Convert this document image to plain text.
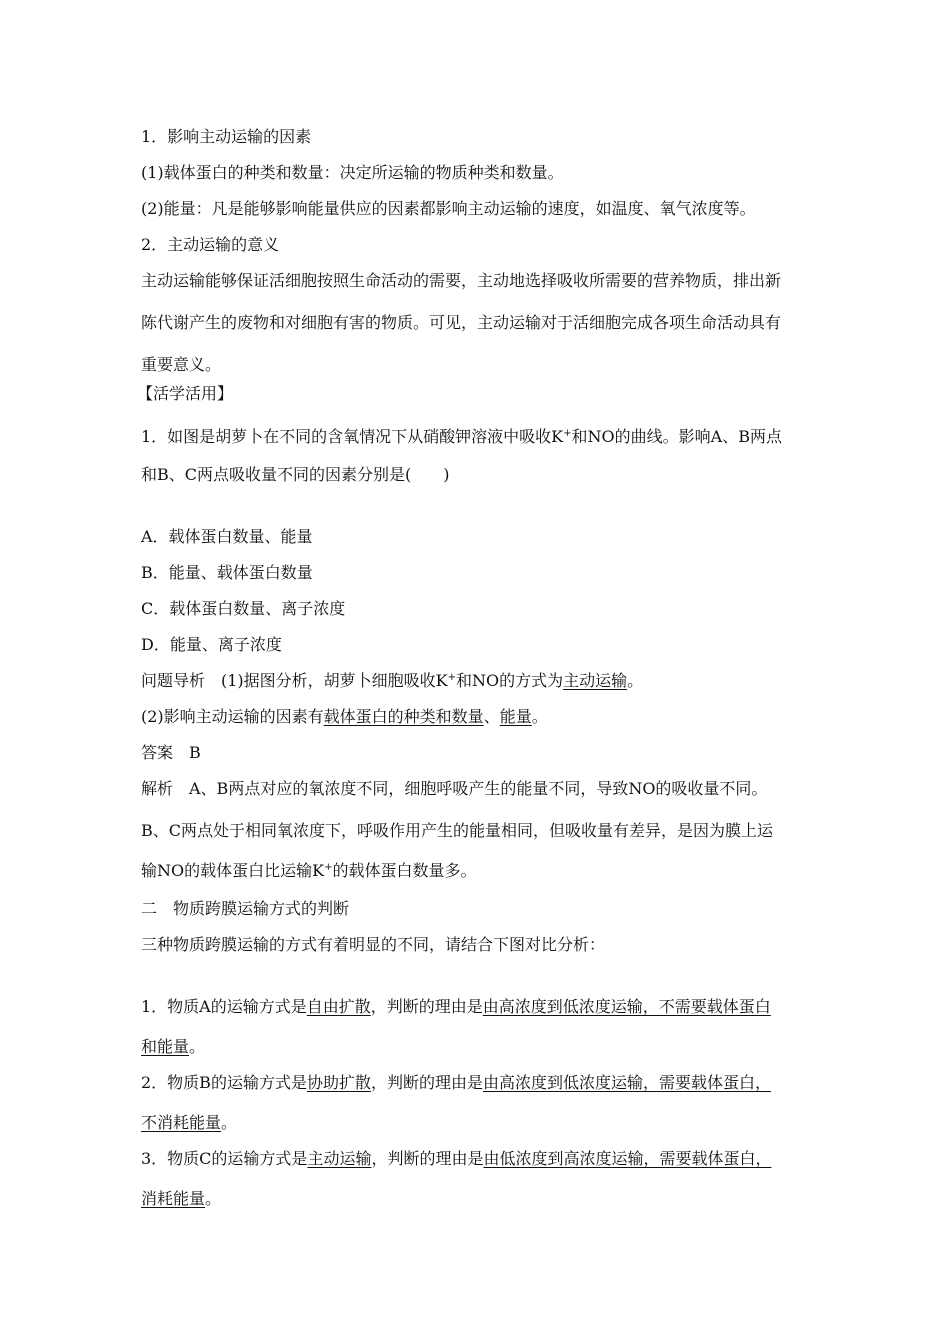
1．影响主动运输的因素
(1)载体蛋白的种类和数量：决定所运输的物质种类和数量。
(2)能量：凡是能够影响能量供应的因素都影响主动运输的速度，如温度、氧气浓度等。
2．主动运输的意义
主动运输能够保证活细胞按照生命活动的需要，主动地选择吸收所需要的营养物质，排出新
陈代谢产生的废物和对细胞有害的物质。可见，主动运输对于活细胞完成各项生命活动具有
重要意义。
【活学活用】
1．如图是胡萝卜在不同的含氧情况下从硝酸钾溶液中吸收K+和NO的曲线。影响A、B两点
和B、C两点吸收量不同的因素分别是(　　)
A．载体蛋白数量、能量
B．能量、载体蛋白数量
C．载体蛋白数量、离子浓度
D．能量、离子浓度
问题导析　(1)据图分析，胡萝卜细胞吸收K+和NO的方式为主动运输。
(2)影响主动运输的因素有载体蛋白的种类和数量、能量。
答案　B
解析　A、B两点对应的氧浓度不同，细胞呼吸产生的能量不同，导致NO的吸收量不同。
B、C两点处于相同氧浓度下，呼吸作用产生的能量相同，但吸收量有差异，是因为膜上运
输NO的载体蛋白比运输K+的载体蛋白数量多。
二　物质跨膜运输方式的判断
三种物质跨膜运输的方式有着明显的不同，请结合下图对比分析：
1．物质A的运输方式是自由扩散，判断的理由是由高浓度到低浓度运输，不需要载体蛋白
和能量。
2．物质B的运输方式是协助扩散，判断的理由是由高浓度到低浓度运输，需要载体蛋白，
不消耗能量。
3．物质C的运输方式是主动运输，判断的理由是由低浓度到高浓度运输，需要载体蛋白，
消耗能量。
